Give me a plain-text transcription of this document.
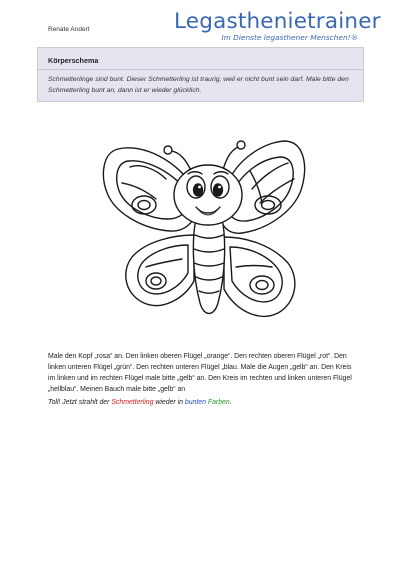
Renate Andert	Legasthenietrainer
Im Dienste legasthener Menschen!®
Körperschema
Schmetterlinge sind bunt. Dieser Schmetterling ist traurig, weil er nicht bunt sein darf. Male bitte den Schmetterling bunt an, dann ist er wieder glücklich.
Male den Kopf „rosa“ an. Den linken oberen Flügel „orange“. Den rechten oberen Flügel „rot“. Den linken unteren Flügel „grün“. Den rechten unteren Flügel „blau. Male die Augen „gelb“ an. Den Kreis im linken und im rechten Flügel male bitte „gelb“ an. Den Kreis im rechten und linken unteren Flügel „hellblau“. Meinen Bauch male bitte „gelb“ an
Toll! Jetzt strahlt der Schmetterling wieder in bunten Farben.
